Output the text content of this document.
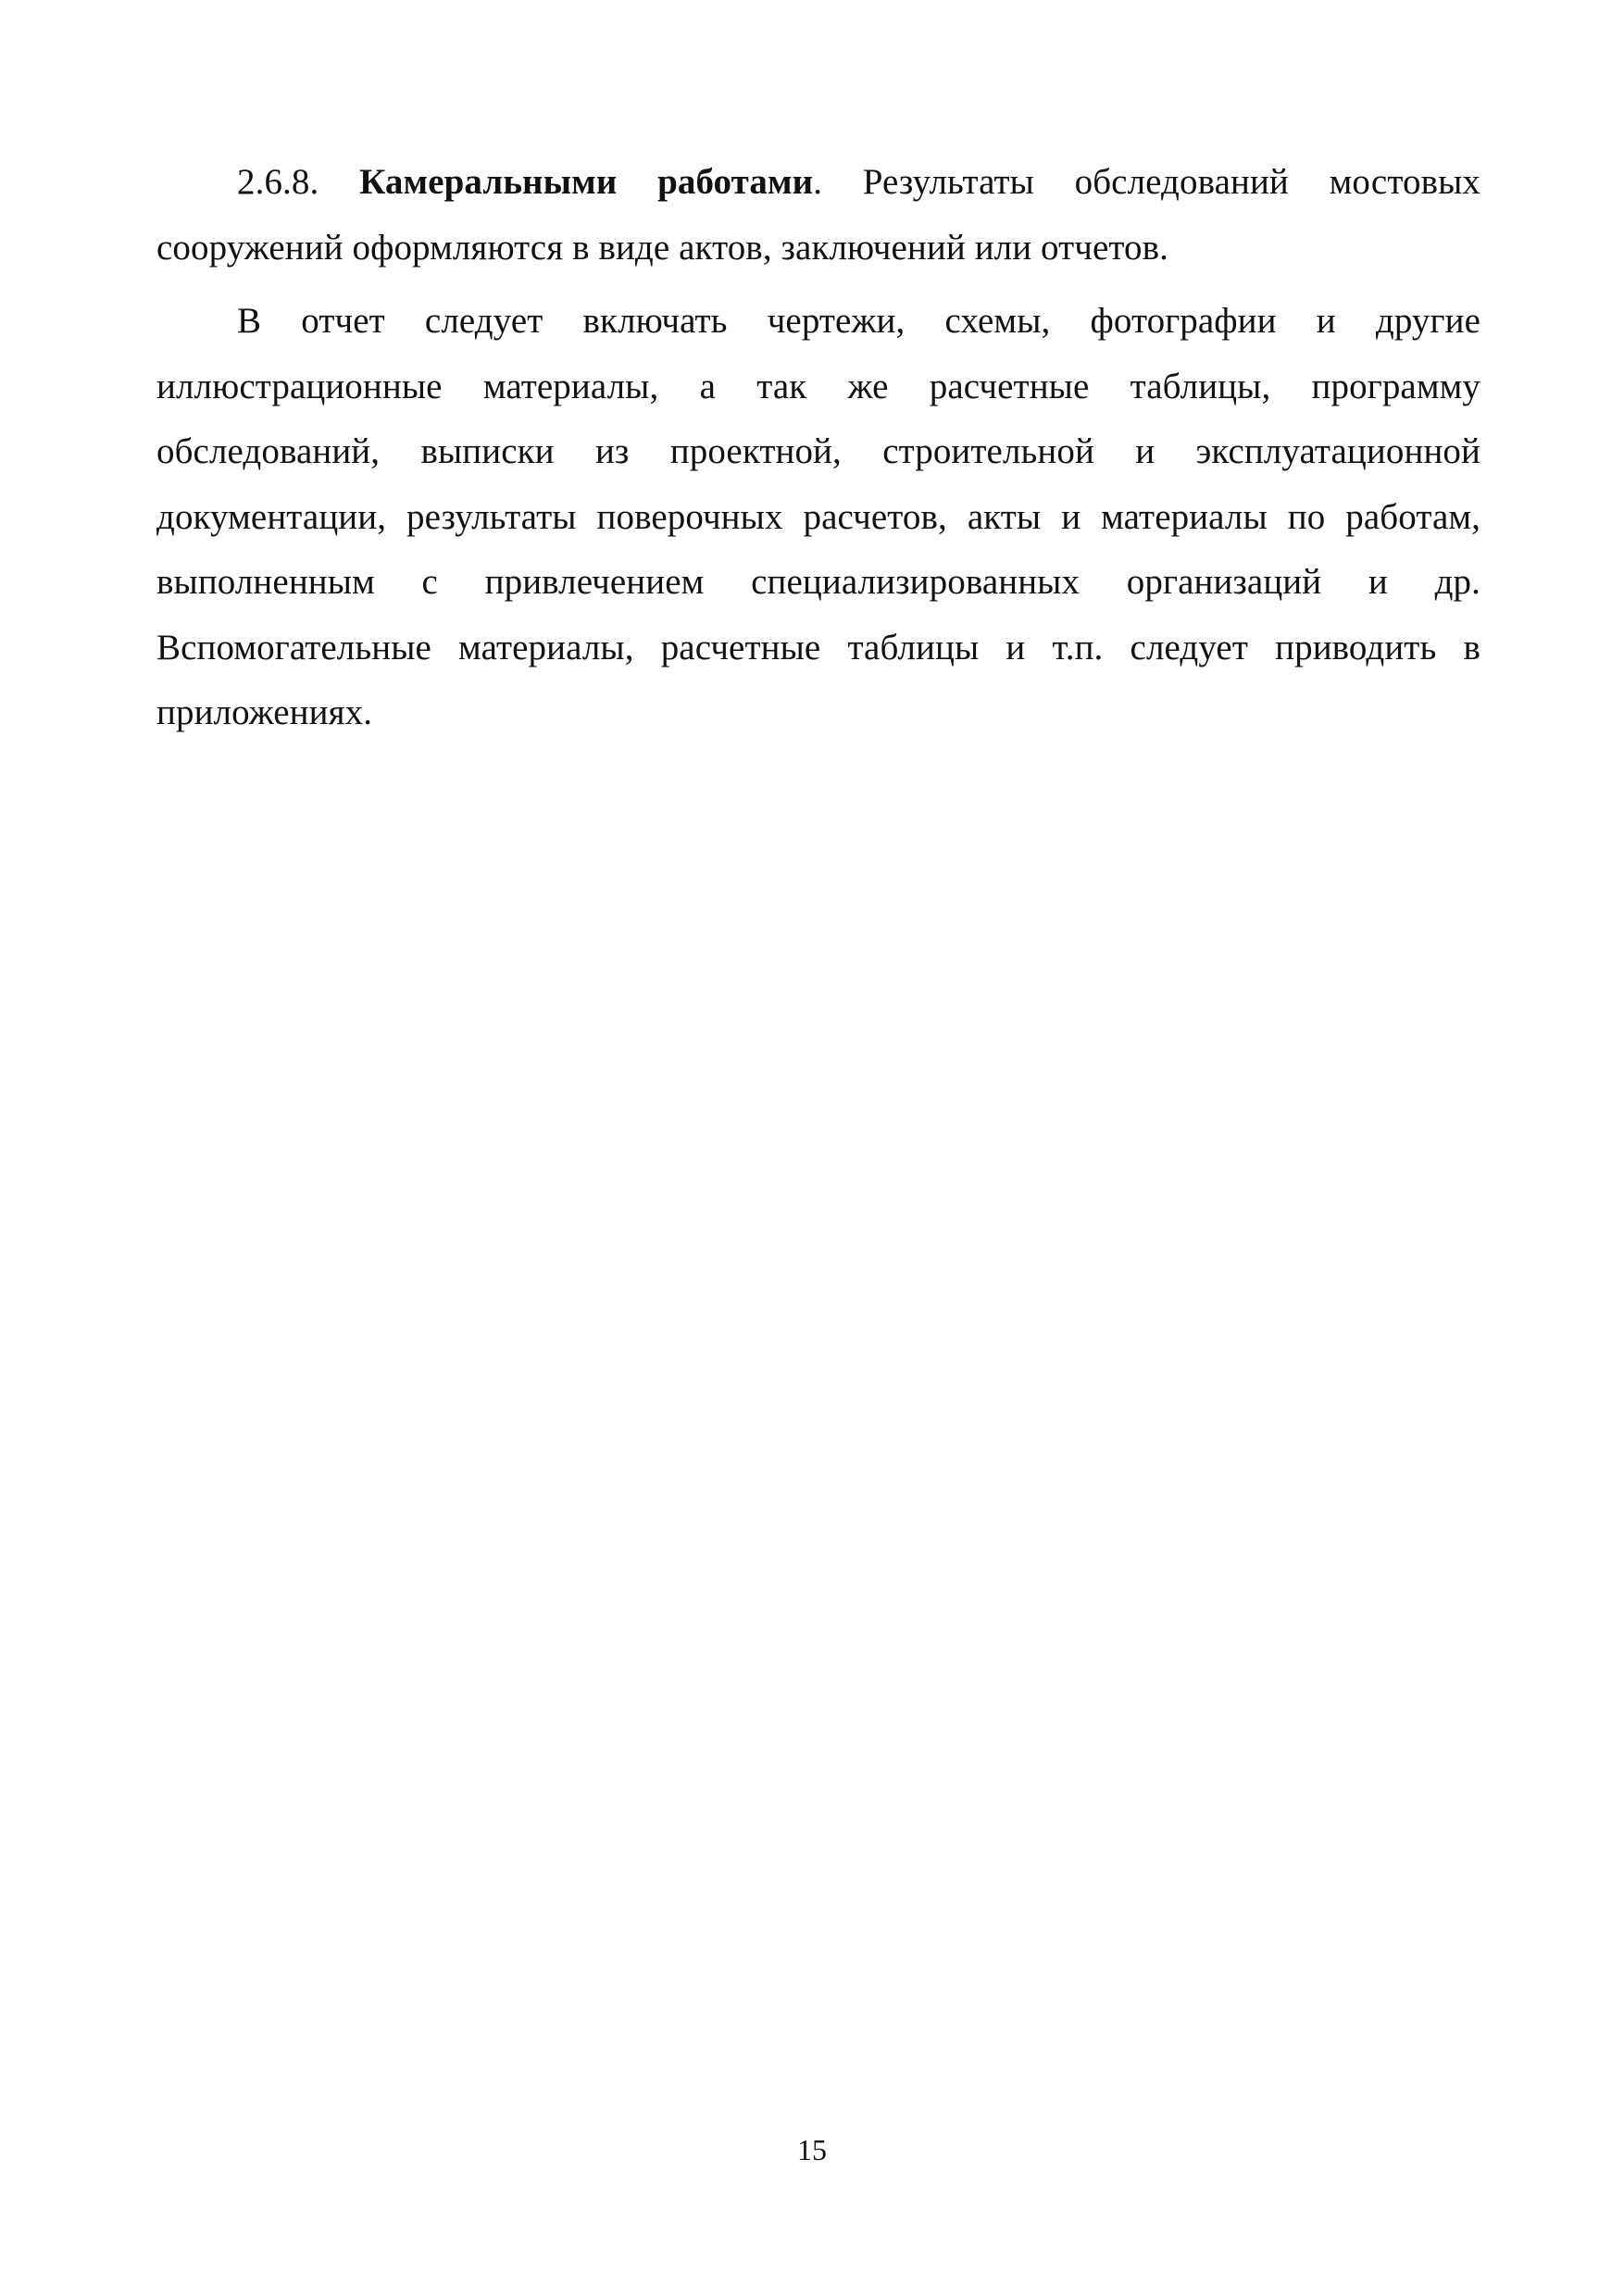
2.6.8. Камеральными работами. Результаты обследований мостовых сооружений оформляются в виде актов, заключений или отчетов.

В отчет следует включать чертежи, схемы, фотографии и другие иллюстрационные материалы, а так же расчетные таблицы, программу обследований, выписки из проектной, строительной и эксплуатационной документации, результаты поверочных расчетов, акты и материалы по работам, выполненным с привлечением специализированных организаций и др. Вспомогательные материалы, расчетные таблицы и т.п. следует приводить в приложениях.

15
